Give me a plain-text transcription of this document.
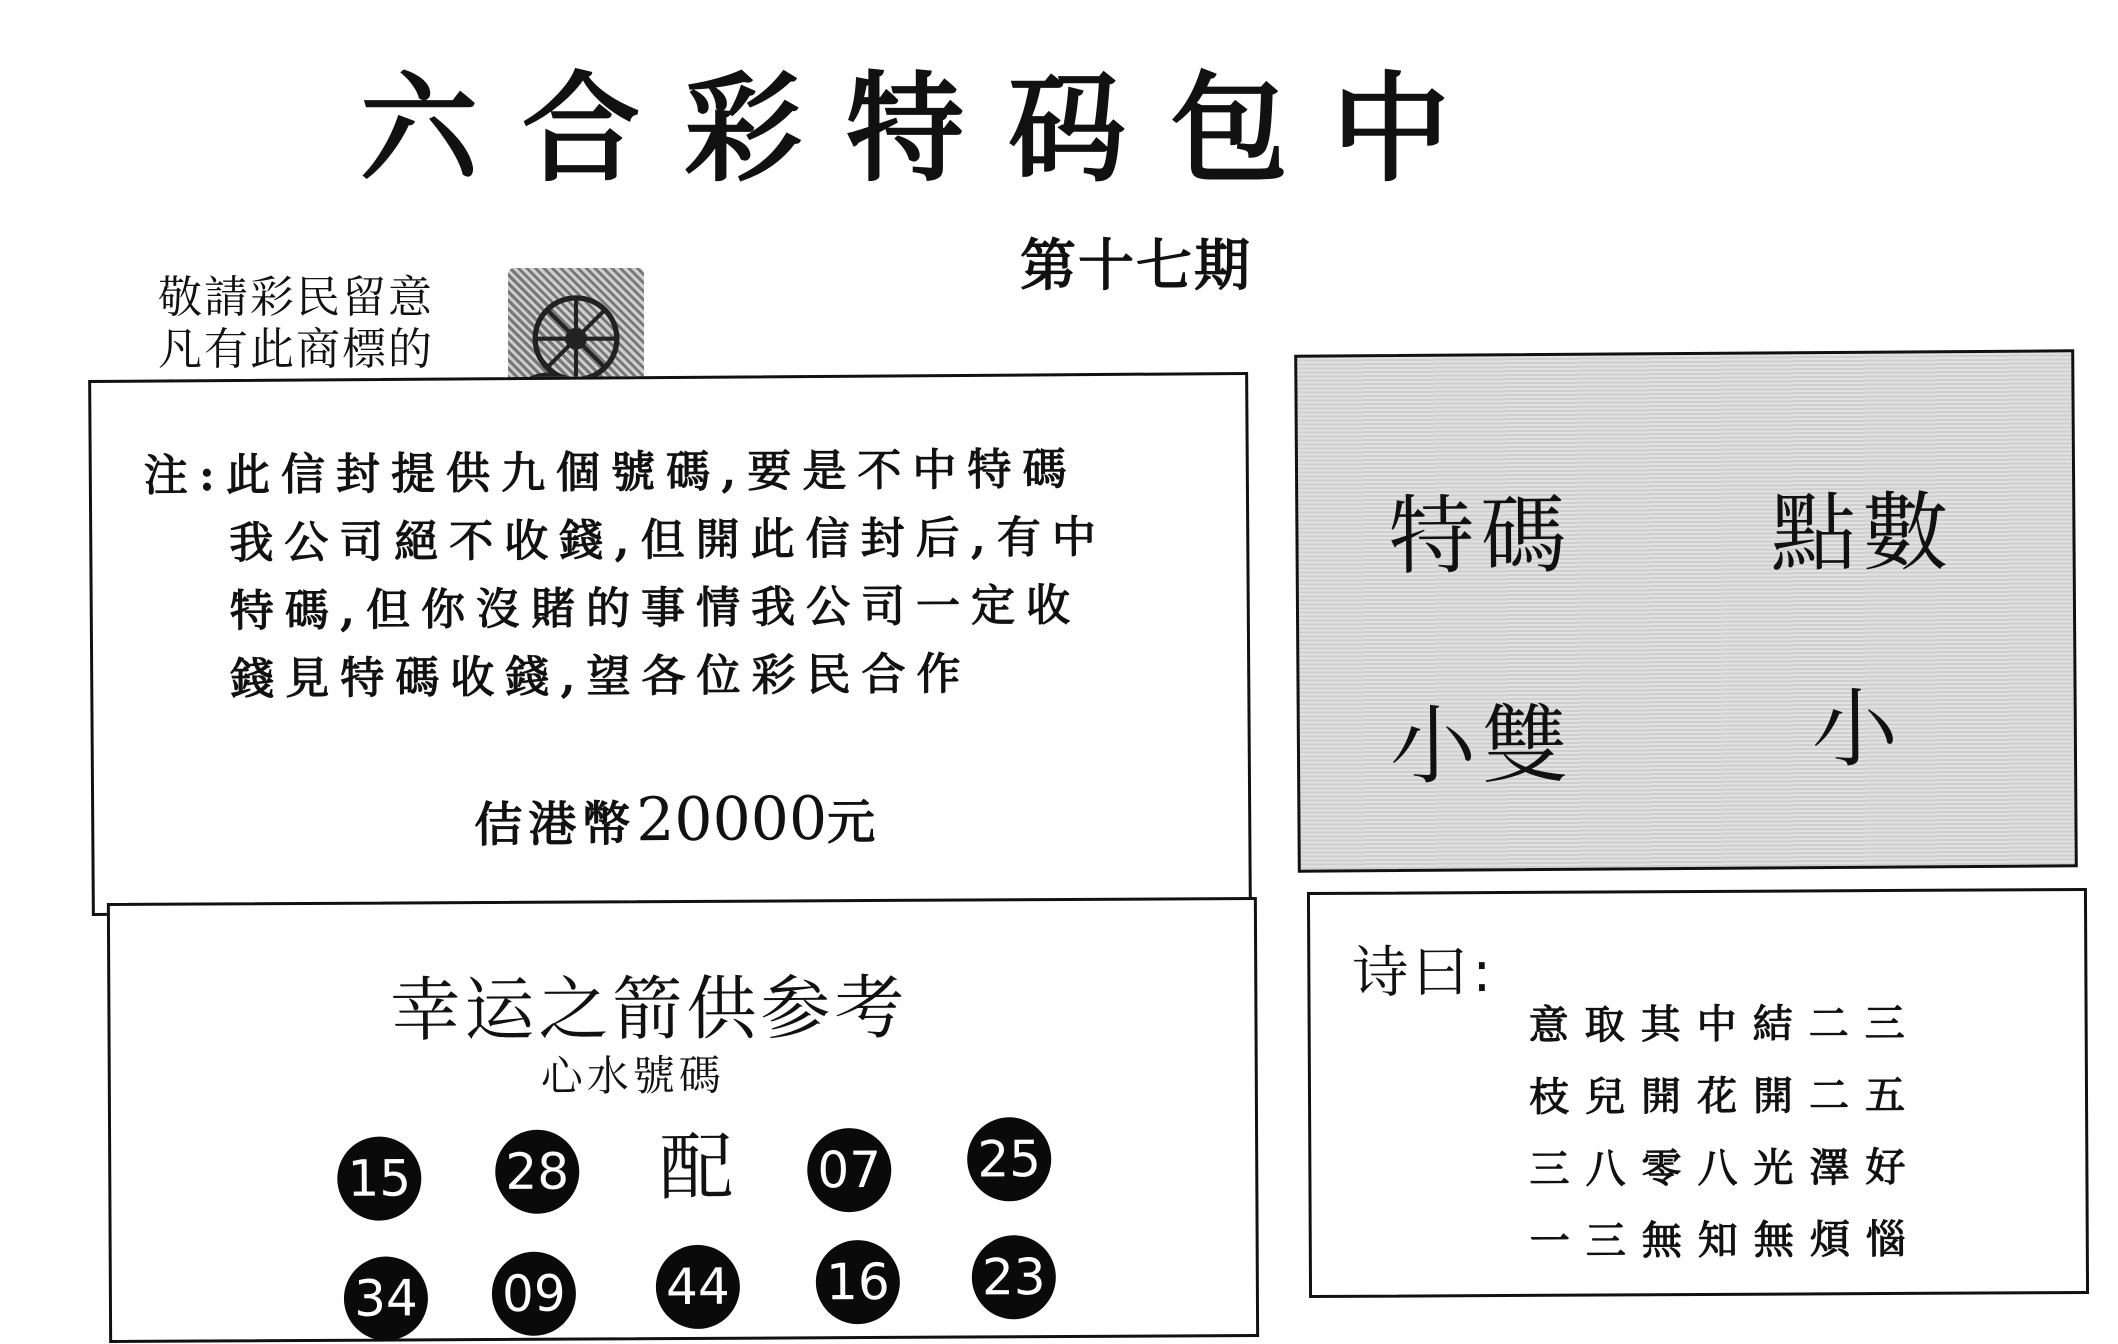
六合彩特码包中
第十七期
敬請彩民留意
凡有此商標的
注:此信封提供九個號碼,要是不中特碼
我公司絕不收錢,但開此信封后,有中
特碼,但你沒賭的事情我公司一定收
錢見特碼收錢,望各位彩民合作
佶港幣20000元
特碼 點數
小雙	小
幸运之箭供参考
心水號碼
配
15 28	07 25
34 09 44 16 23
诗曰:
意取其中結二三
枝兒開花開二五
三八零八光澤好
一三無知無煩惱
